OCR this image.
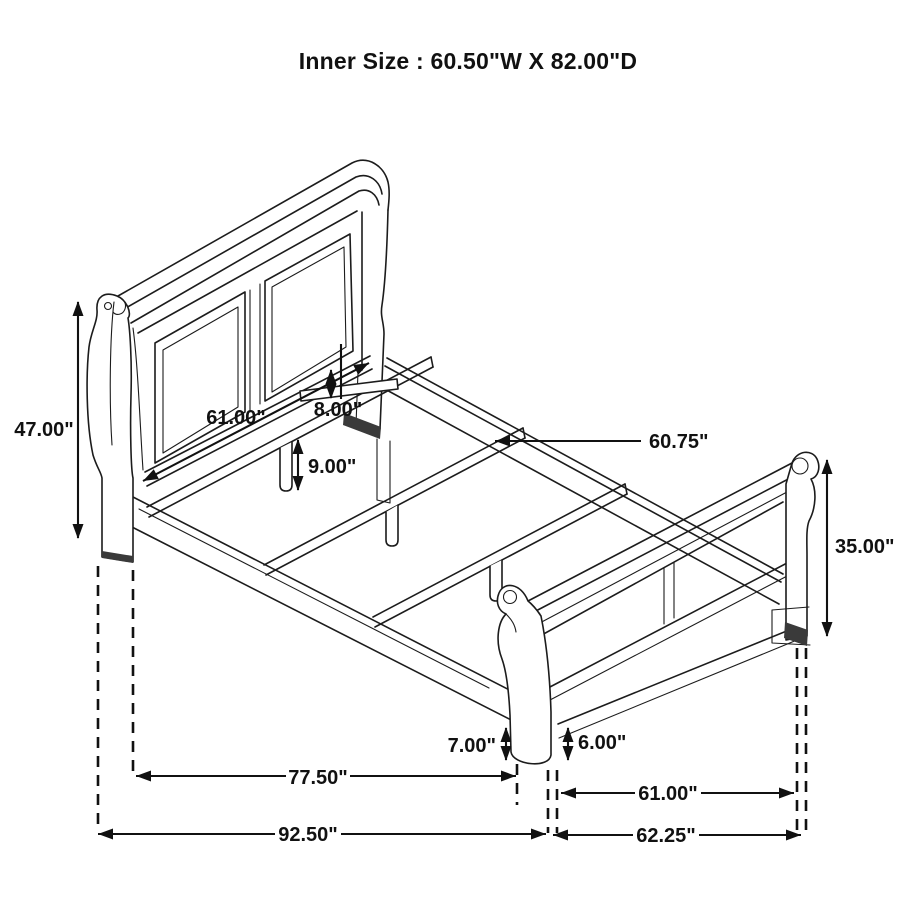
Inner Size : 60.50"W X 82.00"D
47.00"
61.00" 8.00"
9.00"
60.75"
35.00"
7.00"	6.00"
77.50"
61.00"
92.50"	62.25"
